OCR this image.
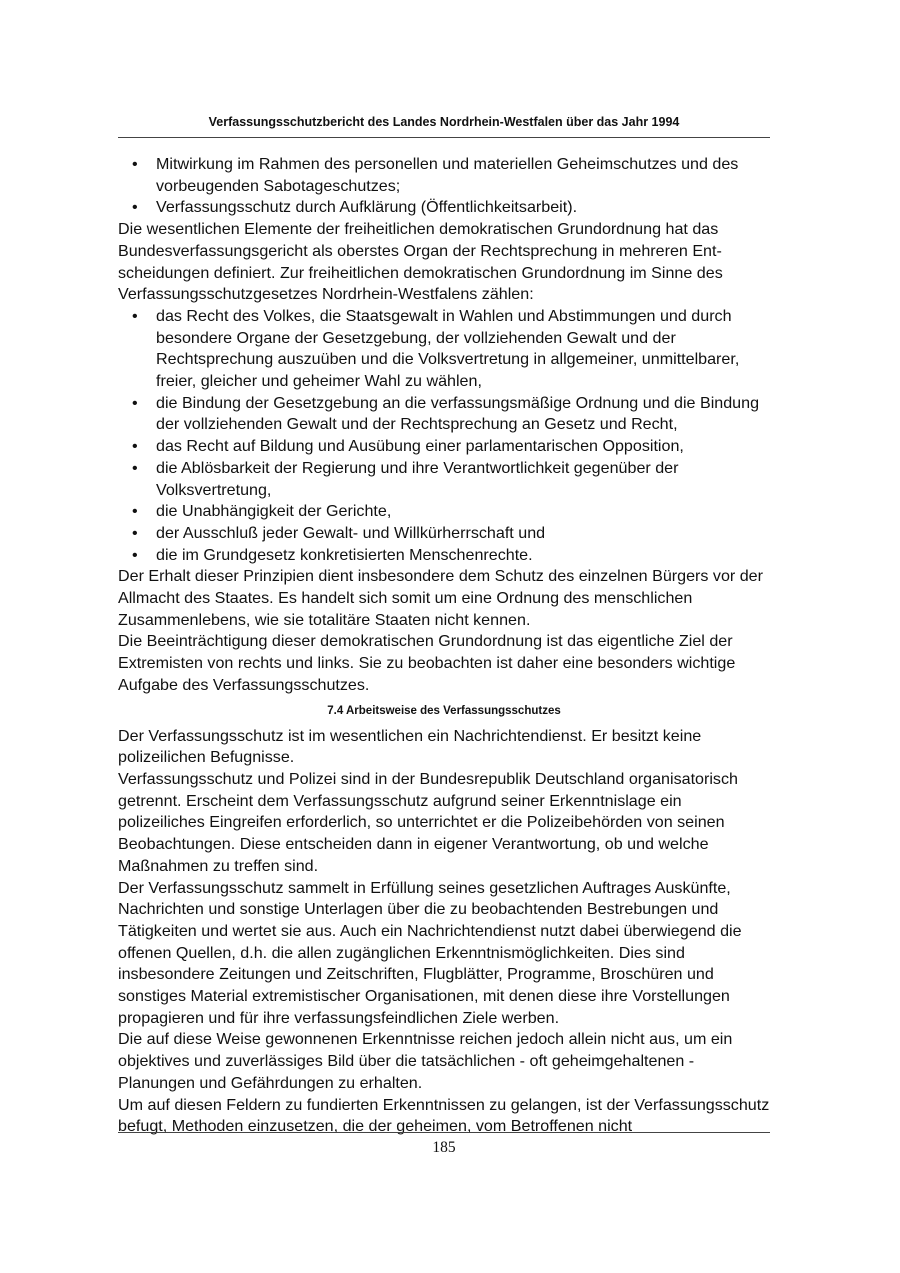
Verfassungsschutzbericht des Landes Nordrhein-Westfalen über das Jahr 1994
• Mitwirkung im Rahmen des personellen und materiellen Geheimschutzes und des vorbeugenden Sabotageschutzes;
• Verfassungsschutz durch Aufklärung (Öffentlichkeitsarbeit).

Die wesentlichen Elemente der freiheitlichen demokratischen Grundordnung hat das Bundesverfassungsgericht als oberstes Organ der Rechtsprechung in mehreren Entscheidungen definiert. Zur freiheitlichen demokratischen Grundordnung im Sinne des Verfassungsschutzgesetzes Nordrhein-Westfalens zählen:

• das Recht des Volkes, die Staatsgewalt in Wahlen und Abstimmungen und durch besondere Organe der Gesetzgebung, der vollziehenden Gewalt und der Rechtsprechung auszuüben und die Volksvertretung in allgemeiner, unmittelbarer, freier, gleicher und geheimer Wahl zu wählen,
• die Bindung der Gesetzgebung an die verfassungsmäßige Ordnung und die Bindung der vollziehenden Gewalt und der Rechtsprechung an Gesetz und Recht,
• das Recht auf Bildung und Ausübung einer parlamentarischen Opposition,
• die Ablösbarkeit der Regierung und ihre Verantwortlichkeit gegenüber der Volksvertretung,
• die Unabhängigkeit der Gerichte,
• der Ausschluß jeder Gewalt- und Willkürherrschaft und
• die im Grundgesetz konkretisierten Menschenrechte.

Der Erhalt dieser Prinzipien dient insbesondere dem Schutz des einzelnen Bürgers vor der Allmacht des Staates. Es handelt sich somit um eine Ordnung des menschlichen Zusammenlebens, wie sie totalitäre Staaten nicht kennen.

Die Beeinträchtigung dieser demokratischen Grundordnung ist das eigentliche Ziel der Extremisten von rechts und links. Sie zu beobachten ist daher eine besonders wichtige Aufgabe des Verfassungsschutzes.

7.4 Arbeitsweise des Verfassungsschutzes

Der Verfassungsschutz ist im wesentlichen ein Nachrichtendienst. Er besitzt keine polizeilichen Befugnisse.

Verfassungsschutz und Polizei sind in der Bundesrepublik Deutschland organisatorisch getrennt. Erscheint dem Verfassungsschutz aufgrund seiner Erkenntnislage ein polizeiliches Eingreifen erforderlich, so unterrichtet er die Polizeibehörden von seinen Beobachtungen. Diese entscheiden dann in eigener Verantwortung, ob und welche Maßnahmen zu treffen sind.

Der Verfassungsschutz sammelt in Erfüllung seines gesetzlichen Auftrages Auskünfte, Nachrichten und sonstige Unterlagen über die zu beobachtenden Bestrebungen und Tätigkeiten und wertet sie aus. Auch ein Nachrichtendienst nutzt dabei überwiegend die offenen Quellen, d.h. die allen zugänglichen Erkenntnismöglichkeiten. Dies sind insbesondere Zeitungen und Zeitschriften, Flugblätter, Programme, Broschüren und sonstiges Material extremistischer Organisationen, mit denen diese ihre Vorstellungen propagieren und für ihre verfassungsfeindlichen Ziele werben.

Die auf diese Weise gewonnenen Erkenntnisse reichen jedoch allein nicht aus, um ein objektives und zuverlässiges Bild über die tatsächlichen - oft geheimgehaltenen - Planungen und Gefährdungen zu erhalten.

Um auf diesen Feldern zu fundierten Erkenntnissen zu gelangen, ist der Verfassungsschutz befugt, Methoden einzusetzen, die der geheimen, vom Betroffenen nicht

185
